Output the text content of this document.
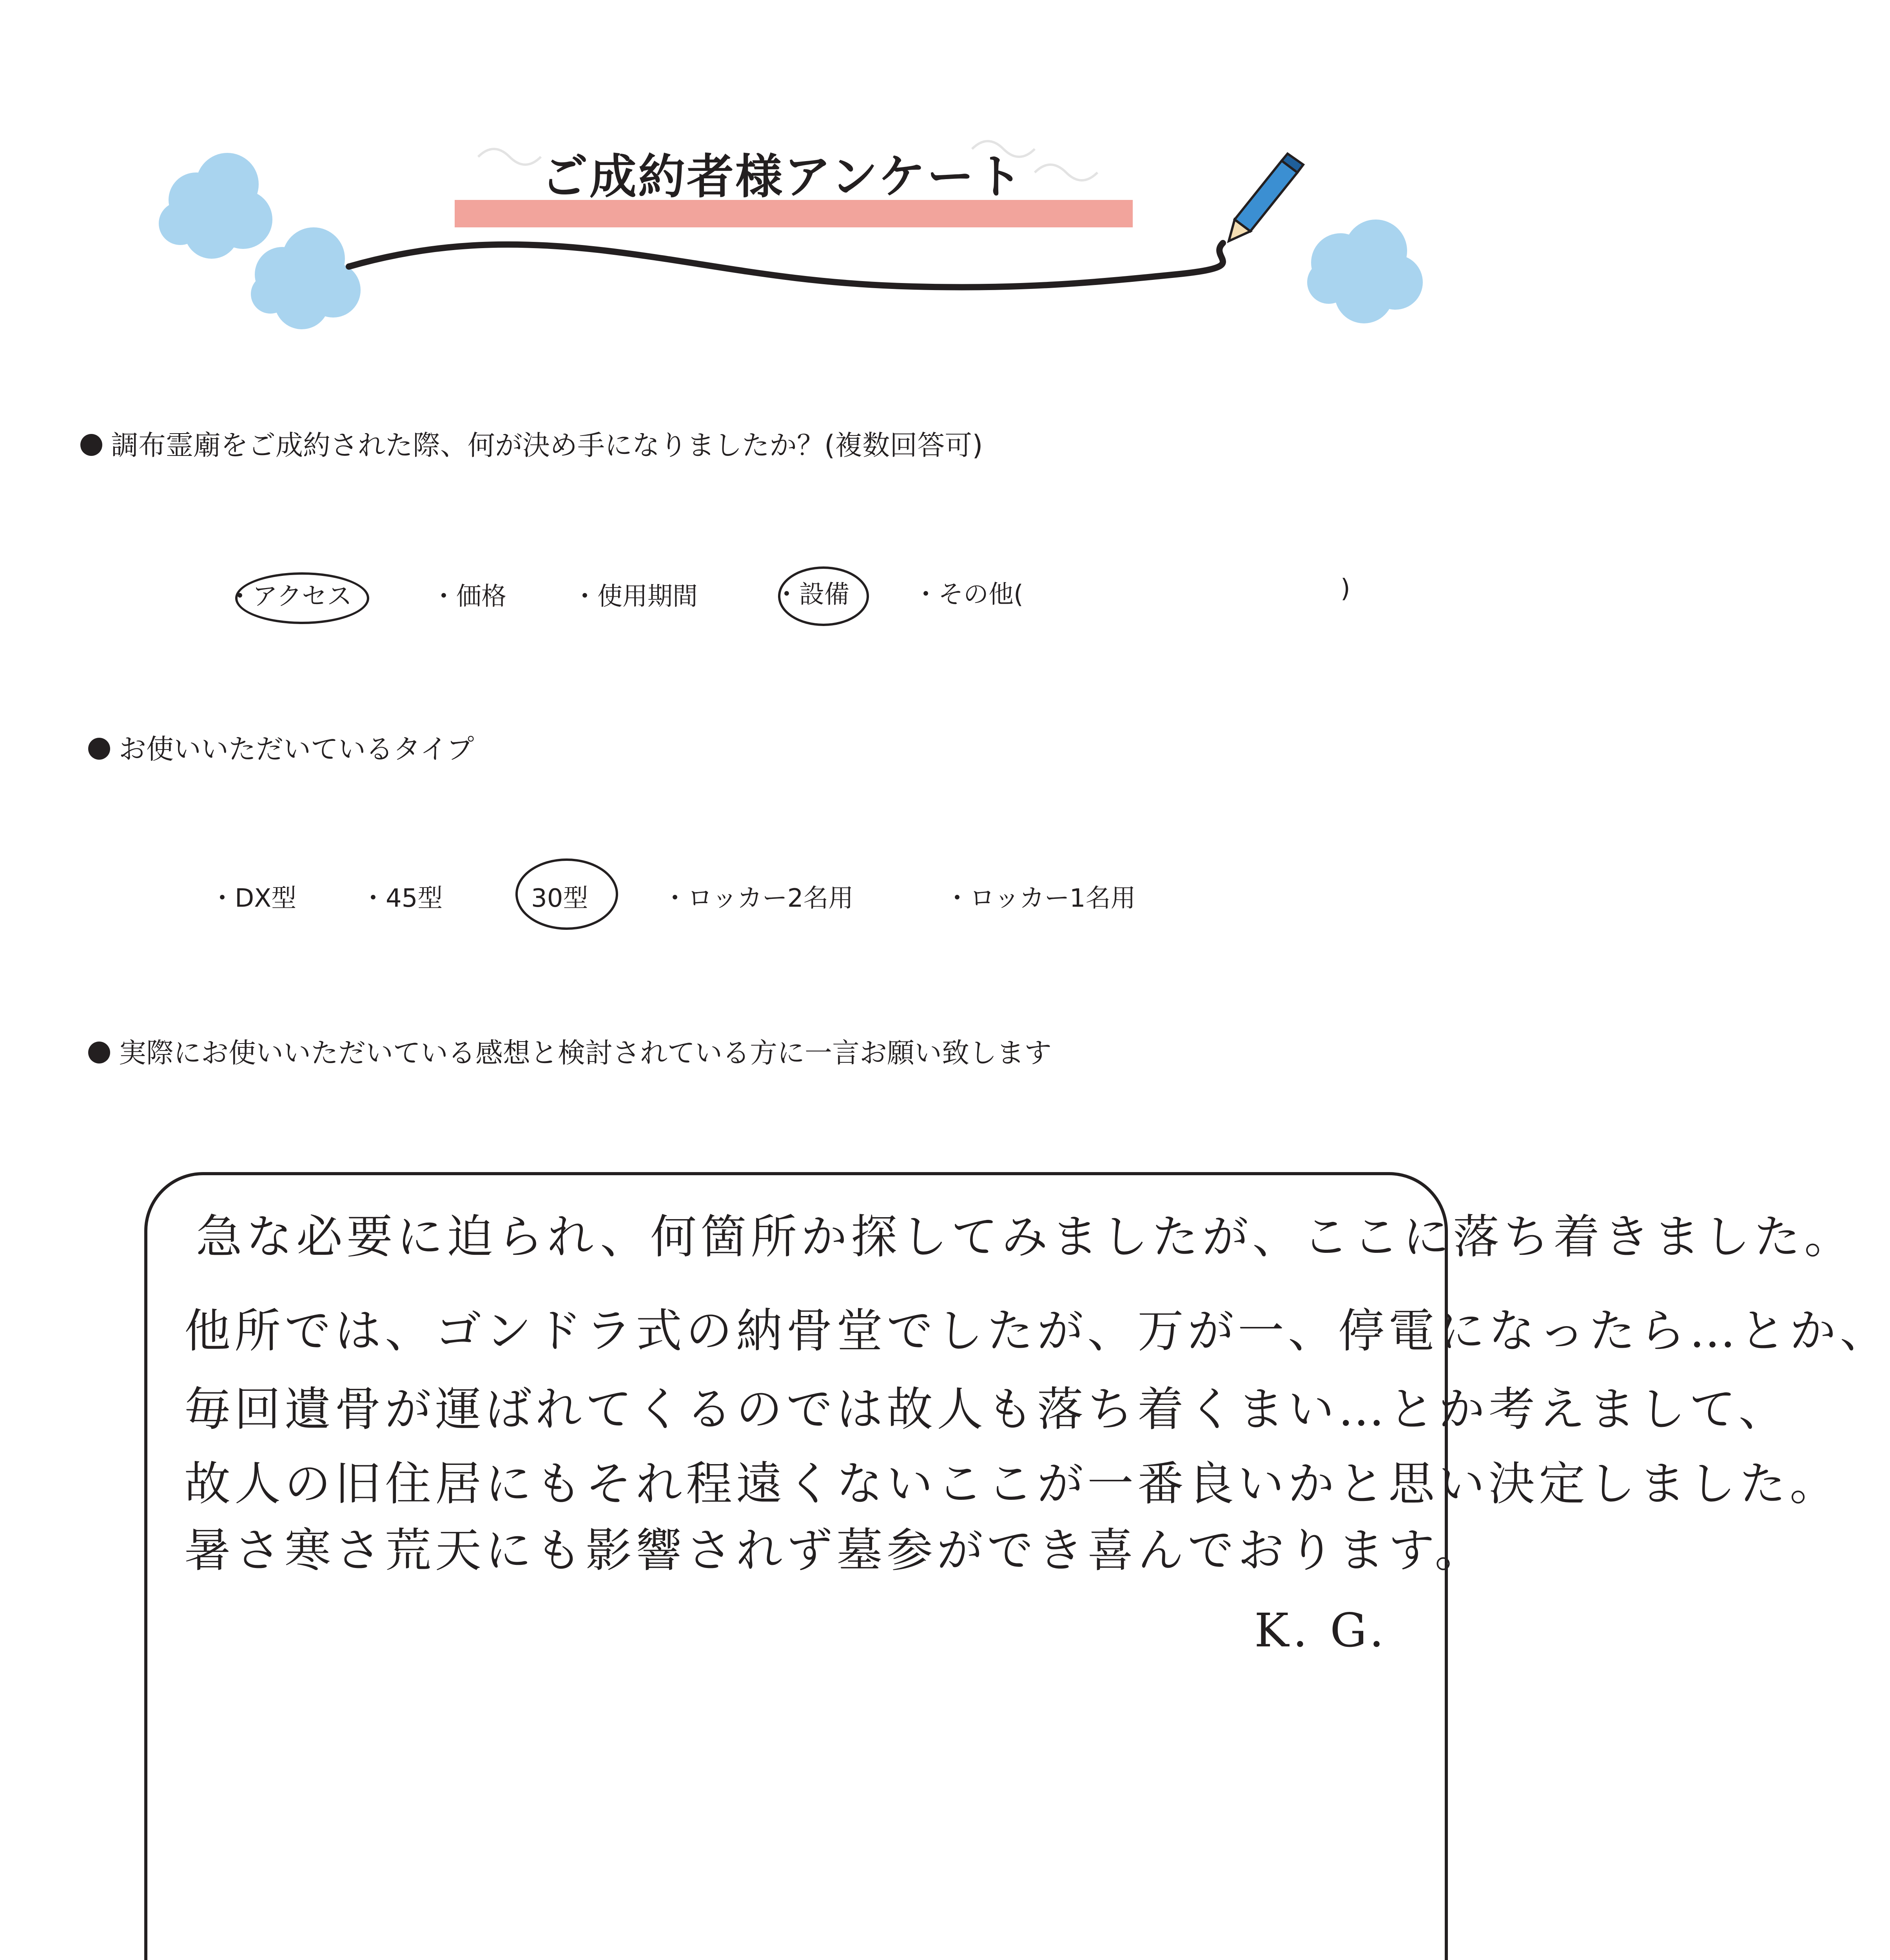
ご成約者様アンケート
調布霊廟をご成約された際、何が決め手になりましたか？(複数回答可)
・アクセス	・価格	・使用期間	・設備	・その他(	)
お使いいただいているタイプ
・DX型	・45型	30型	・ロッカー2名用	・ロッカー1名用
実際にお使いいただいている感想と検討されている方に一言お願い致します
急な必要に迫られ、何箇所か探してみましたが、ここに落ち着きました。
他所では、ゴンドラ式の納骨堂でしたが、万が一、停電になったら…とか、
毎回遺骨が運ばれてくるのでは故人も落ち着くまい…とか考えまして、
故人の旧住居にもそれ程遠くないここが一番良いかと思い決定しました。
暑さ寒さ荒天にも影響されず墓参ができ喜んでおります。
K. G.
